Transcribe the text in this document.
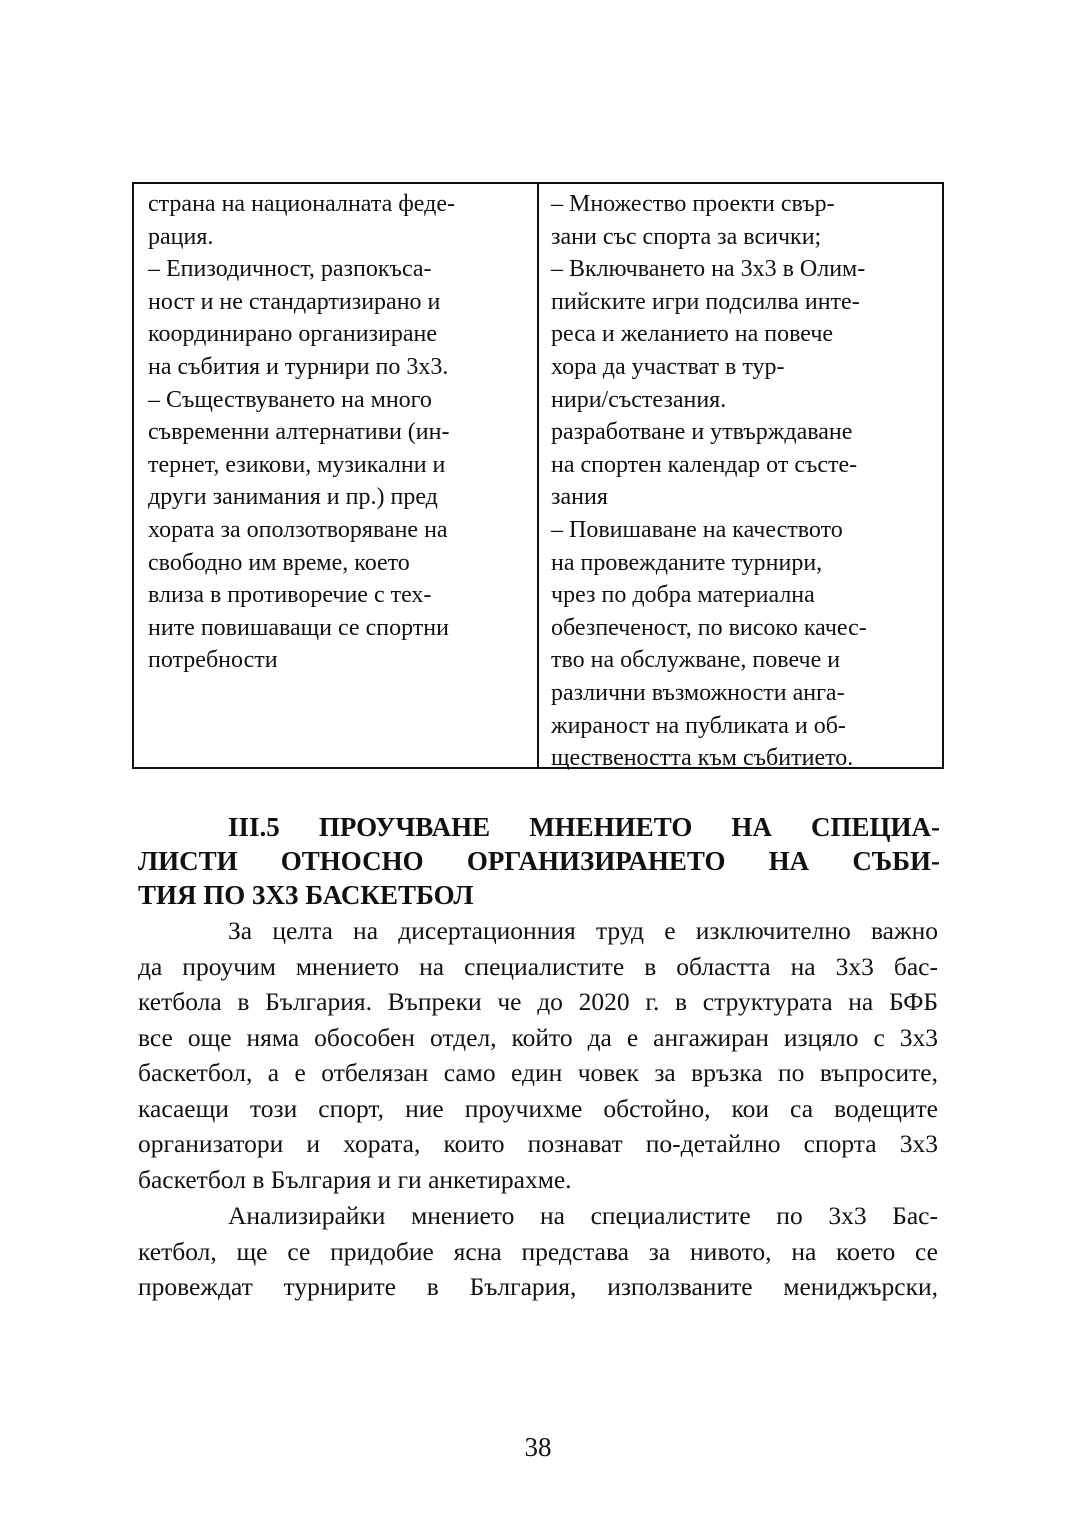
страна на националната феде-
рация.
– Епизодичност, разпокъса-
ност и не стандартизирано и
координирано организиране
на събития и турнири по 3х3.
– Съществуването на много
съвременни алтернативи (ин-
тернет, езикови, музикални и
други занимания и пр.) пред
хората за оползотворяване на
свободно им време, което
влиза в противоречие с тех-
ните повишаващи се спортни
потребности
– Множество проекти свър-
зани със спорта за всички;
– Включването на 3х3 в Олим-
пийските игри подсилва инте-
реса и желанието на повече
хора да участват в тур-
нири/състезания.
разработване и утвърждаване
на спортен календар от състе-
зания
– Повишаване на качеството
на провежданите турнири,
чрез по добра материална
обезпеченост, по високо качес-
тво на обслужване, повече и
различни възможности анга-
жираност на публиката и об-
ществеността към събитието.
III.5 ПРОУЧВАНЕ МНЕНИЕТО НА СПЕЦИА-
ЛИСТИ ОТНОСНО ОРГАНИЗИРАНЕТО НА СЪБИ-
ТИЯ ПО 3Х3 БАСКЕТБОЛ
За целта на дисертационния труд е изключително важно
да проучим мнението на специалистите в областта на 3х3 бас-
кетбола в България. Въпреки че до 2020 г. в структурата на БФБ
все още няма обособен отдел, който да е ангажиран изцяло с 3х3
баскетбол, а е отбелязан само един човек за връзка по въпросите,
касаещи този спорт, ние проучихме обстойно, кои са водещите
организатори и хората, които познават по-детайлно спорта 3х3
баскетбол в България и ги анкетирахме.
Анализирайки мнението на специалистите по 3х3 Бас-
кетбол, ще се придобие ясна представа за нивото, на което се
провеждат турнирите в България, използваните мениджърски,
38
